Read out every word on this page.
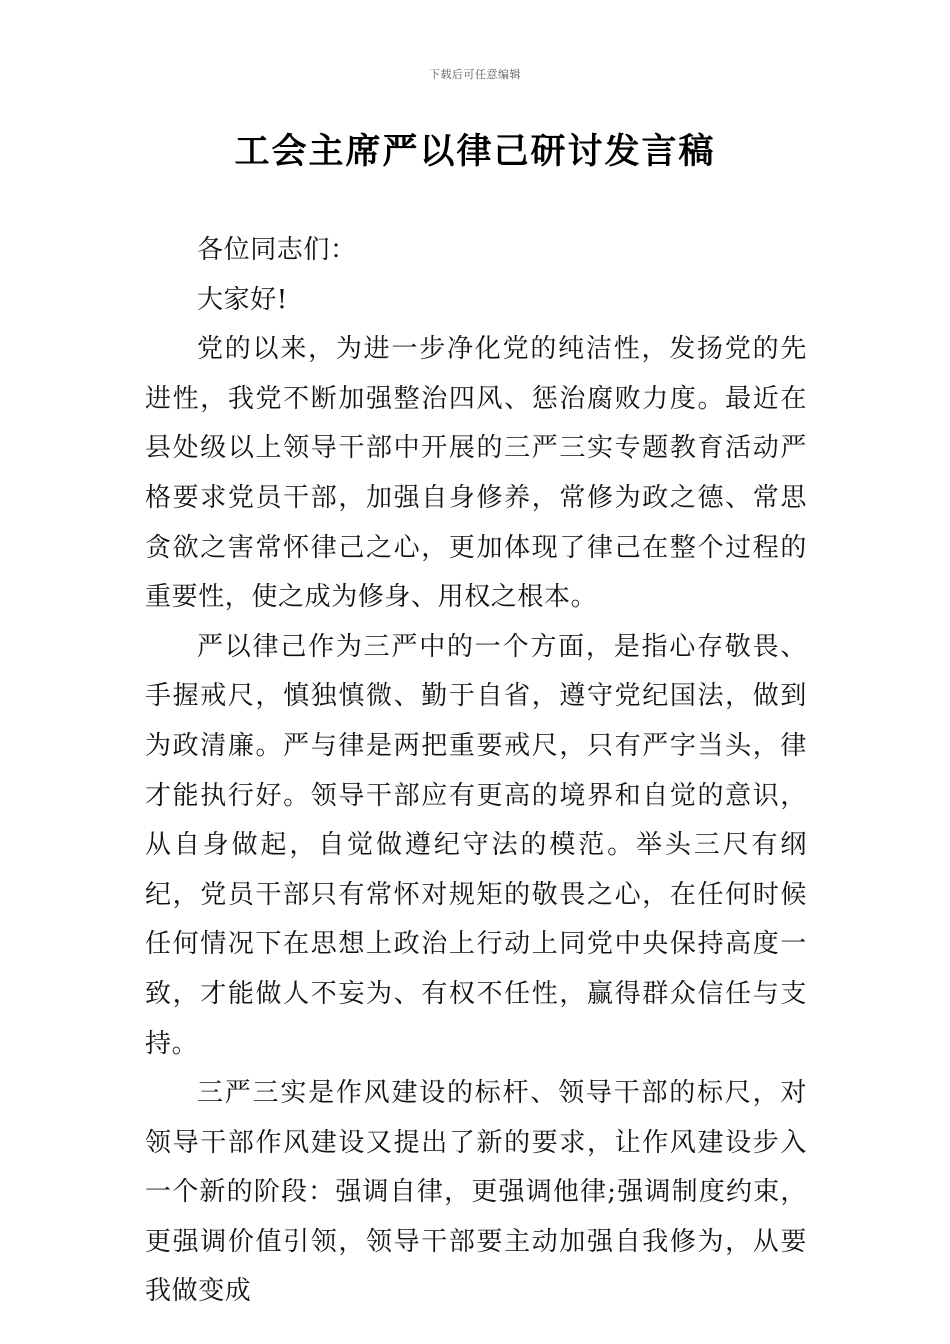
下载后可任意编辑
工会主席严以律己研讨发言稿

各位同志们：

大家好!

党的以来，为进一步净化党的纯洁性，发扬党的先进性，我党不断加强整治四风、惩治腐败力度。最近在县处级以上领导干部中开展的三严三实专题教育活动严格要求党员干部，加强自身修养，常修为政之德、常思贪欲之害常怀律己之心，更加体现了律己在整个过程的重要性，使之成为修身、用权之根本。

严以律己作为三严中的一个方面，是指心存敬畏、手握戒尺，慎独慎微、勤于自省，遵守党纪国法，做到为政清廉。严与律是两把重要戒尺，只有严字当头，律才能执行好。领导干部应有更高的境界和自觉的意识，从自身做起，自觉做遵纪守法的模范。举头三尺有纲纪，党员干部只有常怀对规矩的敬畏之心，在任何时候任何情况下在思想上政治上行动上同党中央保持高度一致，才能做人不妄为、有权不任性，赢得群众信任与支持。

三严三实是作风建设的标杆、领导干部的标尺，对领导干部作风建设又提出了新的要求，让作风建设步入一个新的阶段：强调自律，更强调他律;强调制度约束，更强调价值引领，领导干部要主动加强自我修为，从要我做变成
